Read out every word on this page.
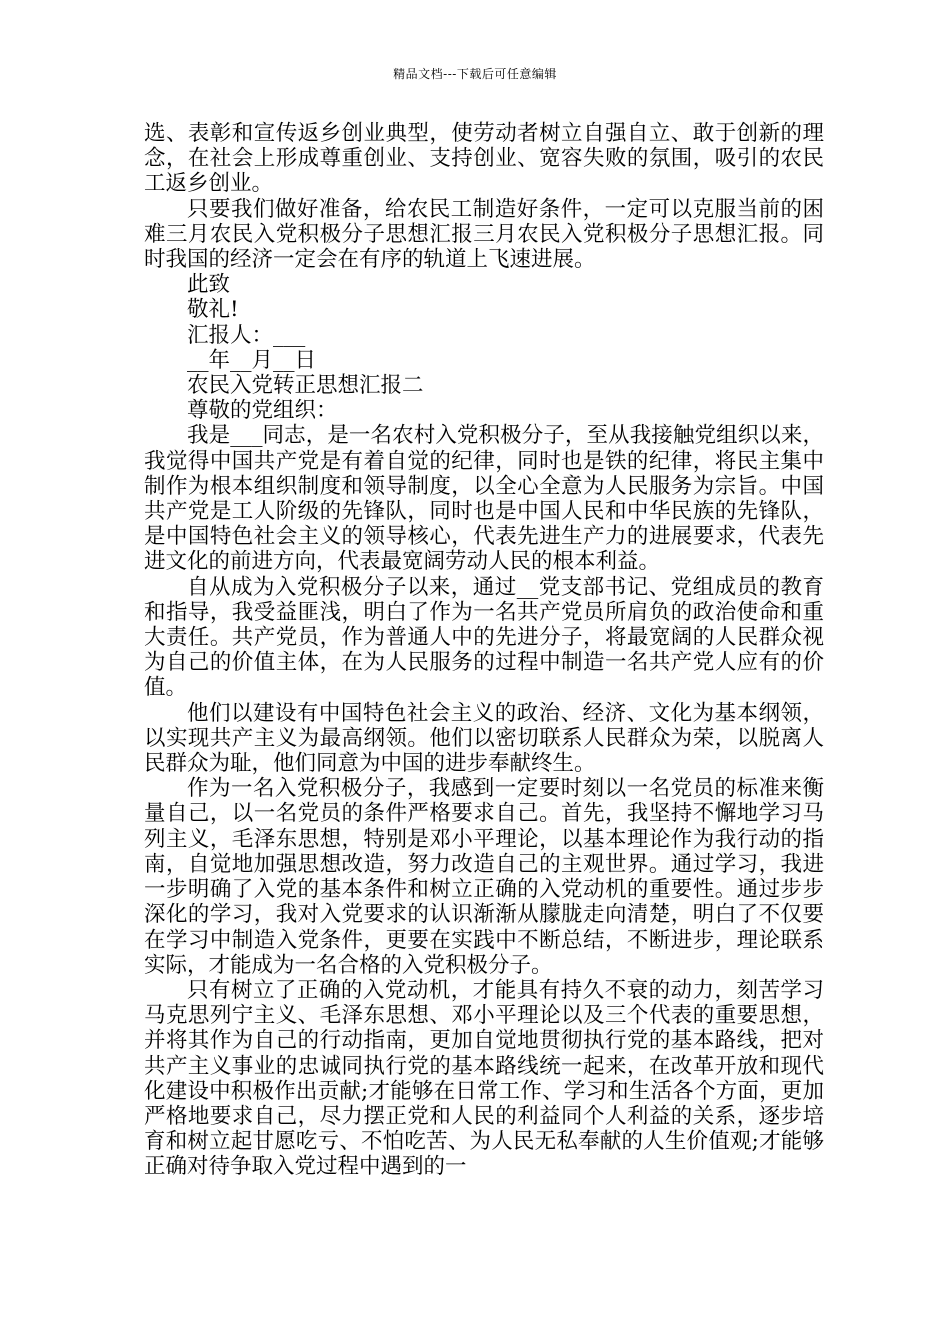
精品文档---下载后可任意编辑

选、表彰和宣传返乡创业典型，使劳动者树立自强自立、敢于创新的理念，在社会上形成尊重创业、支持创业、宽容失败的氛围，吸引的农民工返乡创业。

只要我们做好准备，给农民工制造好条件，一定可以克服当前的困难三月农民入党积极分子思想汇报三月农民入党积极分子思想汇报。同时我国的经济一定会在有序的轨道上飞速进展。

此致

敬礼!

汇报人：___

__年__月__日

农民入党转正思想汇报二

尊敬的党组织：

我是___同志，是一名农村入党积极分子，至从我接触党组织以来，我觉得中国共产党是有着自觉的纪律，同时也是铁的纪律，将民主集中制作为根本组织制度和领导制度，以全心全意为人民服务为宗旨。中国共产党是工人阶级的先锋队，同时也是中国人民和中华民族的先锋队，是中国特色社会主义的领导核心，代表先进生产力的进展要求，代表先进文化的前进方向，代表最宽阔劳动人民的根本利益。

自从成为入党积极分子以来，通过__党支部书记、党组成员的教育和指导，我受益匪浅，明白了作为一名共产党员所肩负的政治使命和重大责任。共产党员，作为普通人中的先进分子，将最宽阔的人民群众视为自己的价值主体，在为人民服务的过程中制造一名共产党人应有的价值。

他们以建设有中国特色社会主义的政治、经济、文化为基本纲领，以实现共产主义为最高纲领。他们以密切联系人民群众为荣，以脱离人民群众为耻，他们同意为中国的进步奉献终生。

作为一名入党积极分子，我感到一定要时刻以一名党员的标准来衡量自己，以一名党员的条件严格要求自己。首先，我坚持不懈地学习马列主义，毛泽东思想，特别是邓小平理论，以基本理论作为我行动的指南，自觉地加强思想改造，努力改造自己的主观世界。通过学习，我进一步明确了入党的基本条件和树立正确的入党动机的重要性。通过步步深化的学习，我对入党要求的认识渐渐从朦胧走向清楚，明白了不仅要在学习中制造入党条件，更要在实践中不断总结，不断进步，理论联系实际，才能成为一名合格的入党积极分子。

只有树立了正确的入党动机，才能具有持久不衰的动力，刻苦学习马克思列宁主义、毛泽东思想、邓小平理论以及三个代表的重要思想，并将其作为自己的行动指南，更加自觉地贯彻执行党的基本路线，把对共产主义事业的忠诚同执行党的基本路线统一起来，在改革开放和现代化建设中积极作出贡献;才能够在日常工作、学习和生活各个方面，更加严格地要求自己，尽力摆正党和人民的利益同个人利益的关系，逐步培育和树立起甘愿吃亏、不怕吃苦、为人民无私奉献的人生价值观;才能够正确对待争取入党过程中遇到的一
